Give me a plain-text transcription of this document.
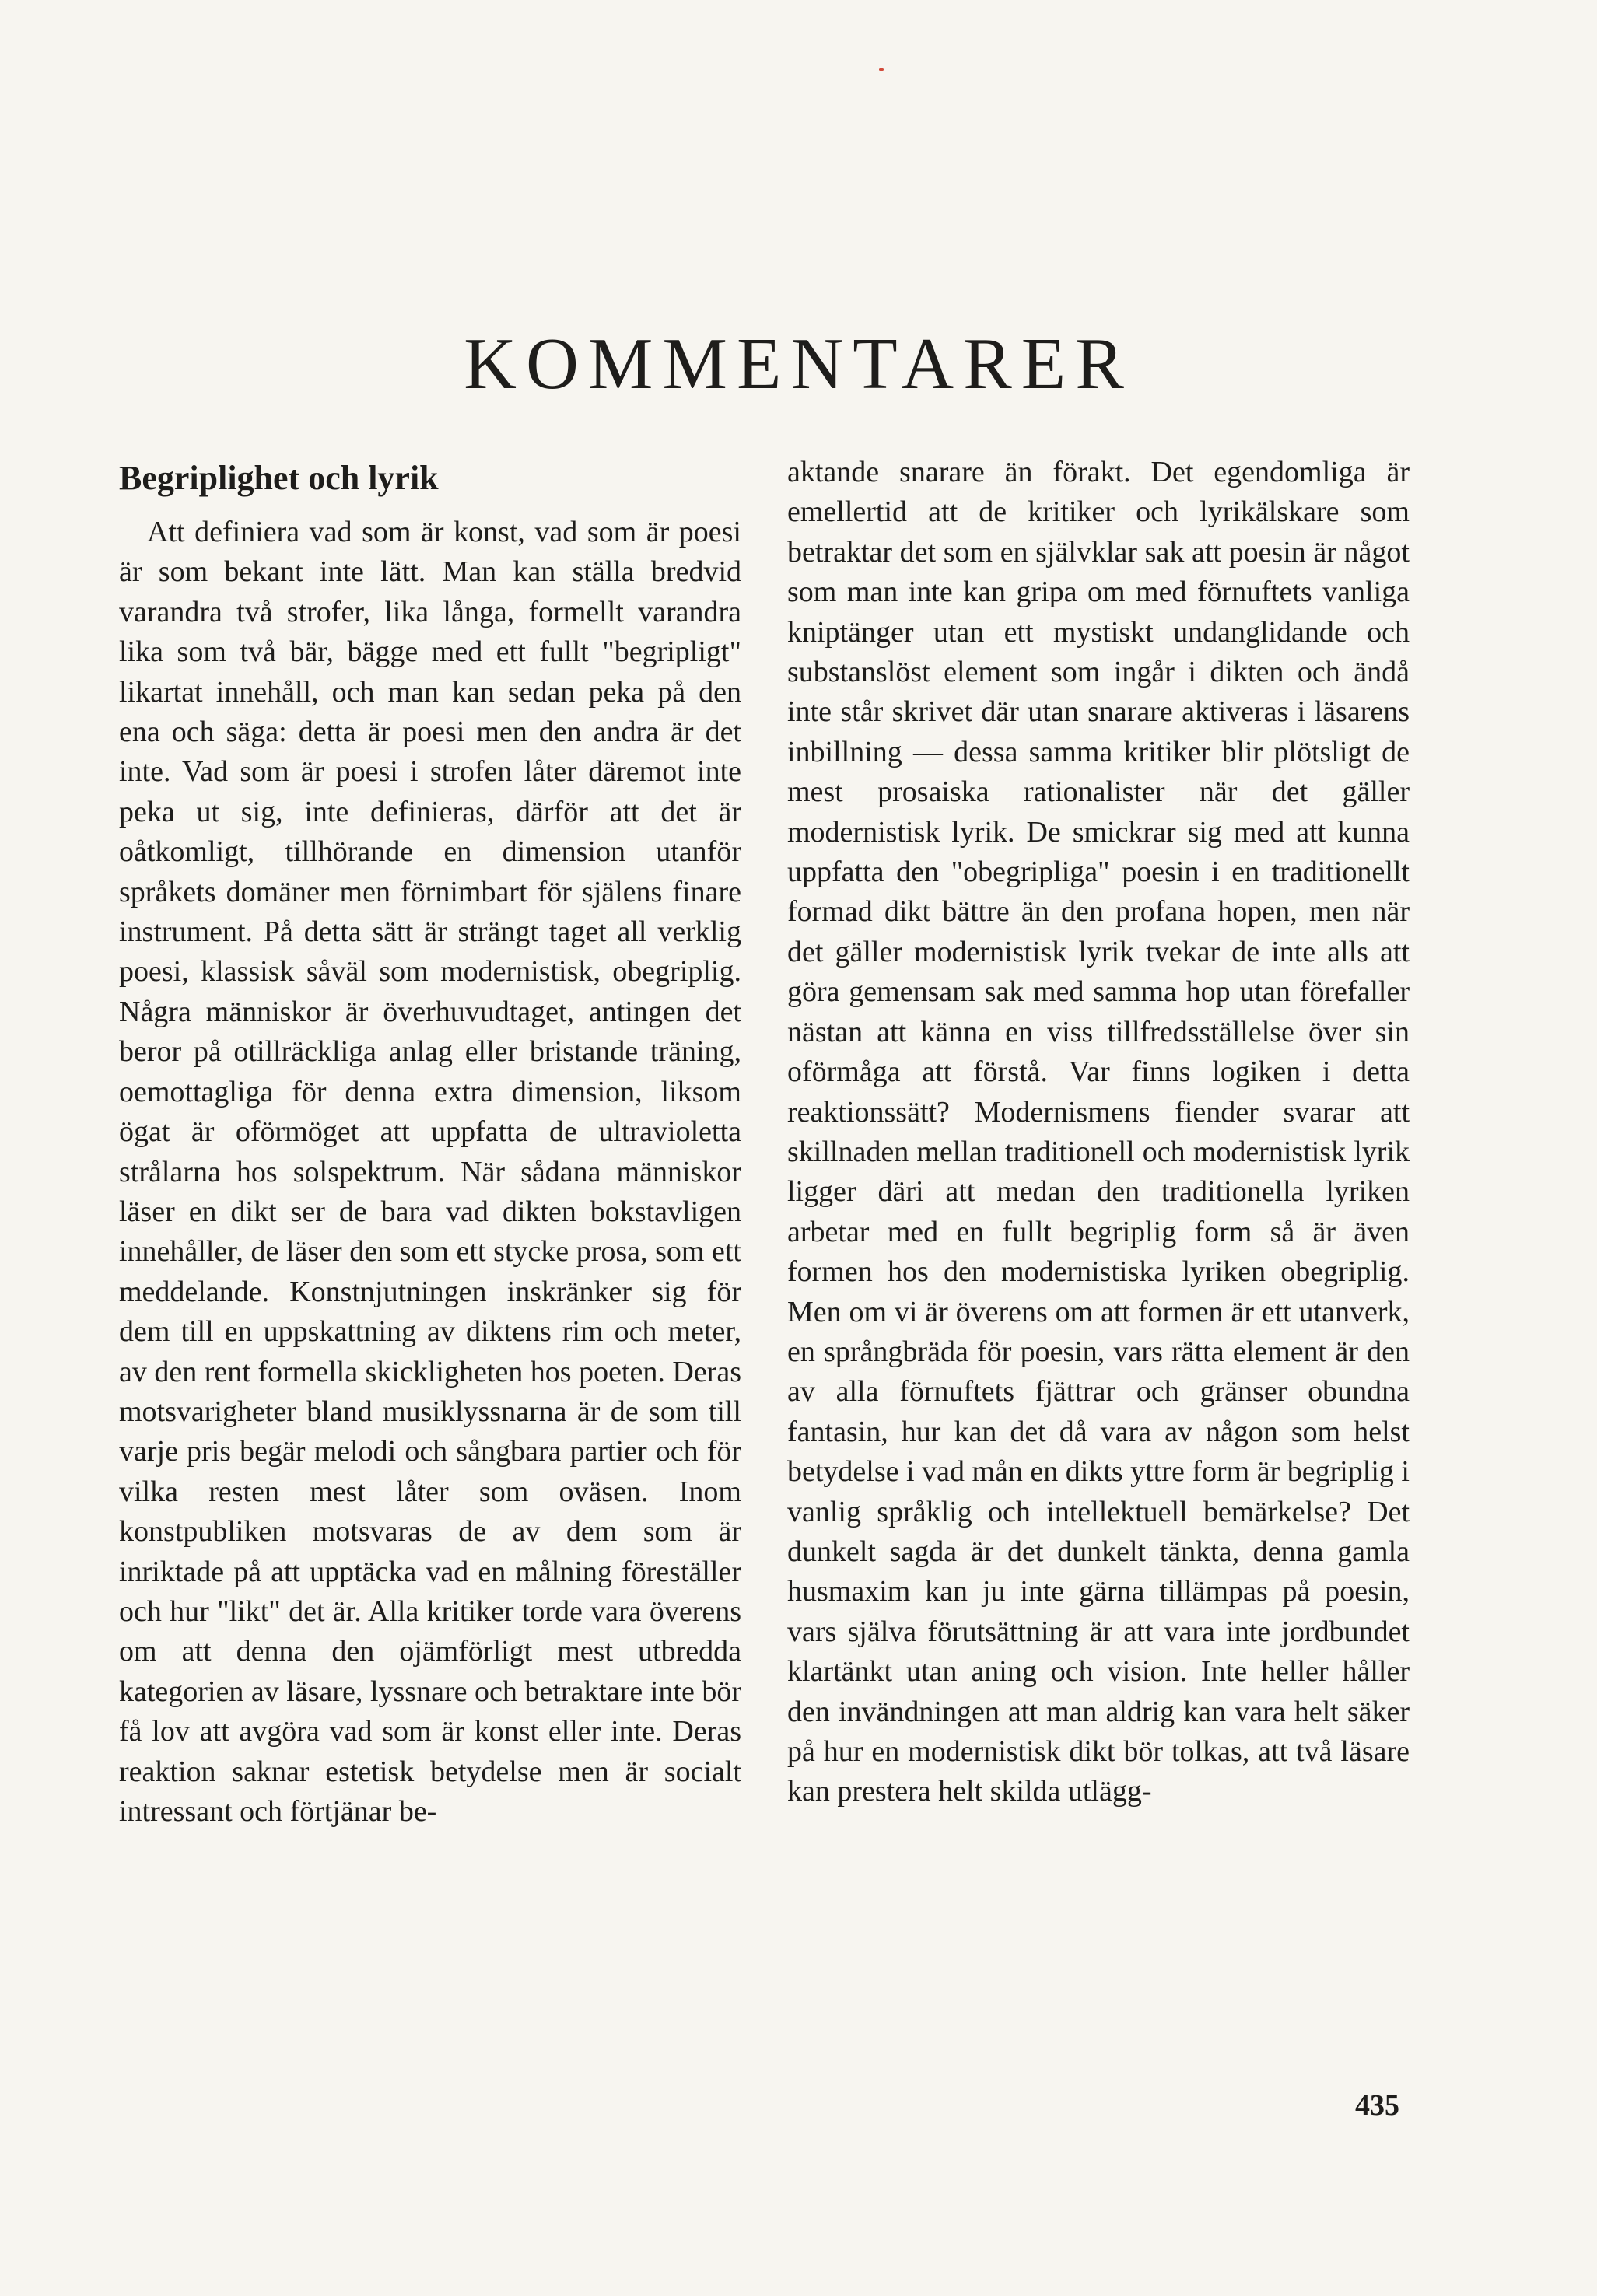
KOMMENTARER
Begriplighet och lyrik

Att definiera vad som är konst, vad som är poesi är som bekant inte lätt. Man kan ställa bredvid varandra två strofer, lika långa, formellt varandra lika som två bär, bägge med ett fullt "begripligt" likartat innehåll, och man kan sedan peka på den ena och säga: detta är poesi men den andra är det inte. Vad som är poesi i strofen låter däremot inte peka ut sig, inte definieras, därför att det är oåtkomligt, tillhörande en dimension utanför språkets domäner men förnimbart för själens finare instrument. På detta sätt är strängt taget all verklig poesi, klassisk såväl som modernistisk, obegriplig. Några människor är överhuvudtaget, antingen det beror på otillräckliga anlag eller bristande träning, oemottagliga för denna extra dimension, liksom ögat är oförmöget att uppfatta de ultravioletta strålarna hos solspektrum. När sådana människor läser en dikt ser de bara vad dikten bokstavligen innehåller, de läser den som ett stycke prosa, som ett meddelande. Konstnjutningen inskränker sig för dem till en uppskattning av diktens rim och meter, av den rent formella skickligheten hos poeten. Deras motsvarigheter bland musiklyssnarna är de som till varje pris begär melodi och sångbara partier och för vilka resten mest låter som oväsen. Inom konstpubliken motsvaras de av dem som är inriktade på att upptäcka vad en målning föreställer och hur "likt" det är. Alla kritiker torde vara överens om att denna den ojämförligt mest utbredda kategorien av läsare, lyssnare och betraktare inte bör få lov att avgöra vad som är konst eller inte. Deras reaktion saknar estetisk betydelse men är socialt intressant och förtjänar be-

aktande snarare än förakt. Det egendomliga är emellertid att de kritiker och lyrikälskare som betraktar det som en självklar sak att poesin är något som man inte kan gripa om med förnuftets vanliga kniptänger utan ett mystiskt undanglidande och substanslöst element som ingår i dikten och ändå inte står skrivet där utan snarare aktiveras i läsarens inbillning — dessa samma kritiker blir plötsligt de mest prosaiska rationalister när det gäller modernistisk lyrik. De smickrar sig med att kunna uppfatta den "obegripliga" poesin i en traditionellt formad dikt bättre än den profana hopen, men när det gäller modernistisk lyrik tvekar de inte alls att göra gemensam sak med samma hop utan förefaller nästan att känna en viss tillfredsställelse över sin oförmåga att förstå. Var finns logiken i detta reaktionssätt? Modernismens fiender svarar att skillnaden mellan traditionell och modernistisk lyrik ligger däri att medan den traditionella lyriken arbetar med en fullt begriplig form så är även formen hos den modernistiska lyriken obegriplig. Men om vi är överens om att formen är ett utanverk, en språngbräda för poesin, vars rätta element är den av alla förnuftets fjättrar och gränser obundna fantasin, hur kan det då vara av någon som helst betydelse i vad mån en dikts yttre form är begriplig i vanlig språklig och intellektuell bemärkelse? Det dunkelt sagda är det dunkelt tänkta, denna gamla husmaxim kan ju inte gärna tillämpas på poesin, vars själva förutsättning är att vara inte jordbundet klartänkt utan aning och vision. Inte heller håller den invändningen att man aldrig kan vara helt säker på hur en modernistisk dikt bör tolkas, att två läsare kan prestera helt skilda utlägg-

435
